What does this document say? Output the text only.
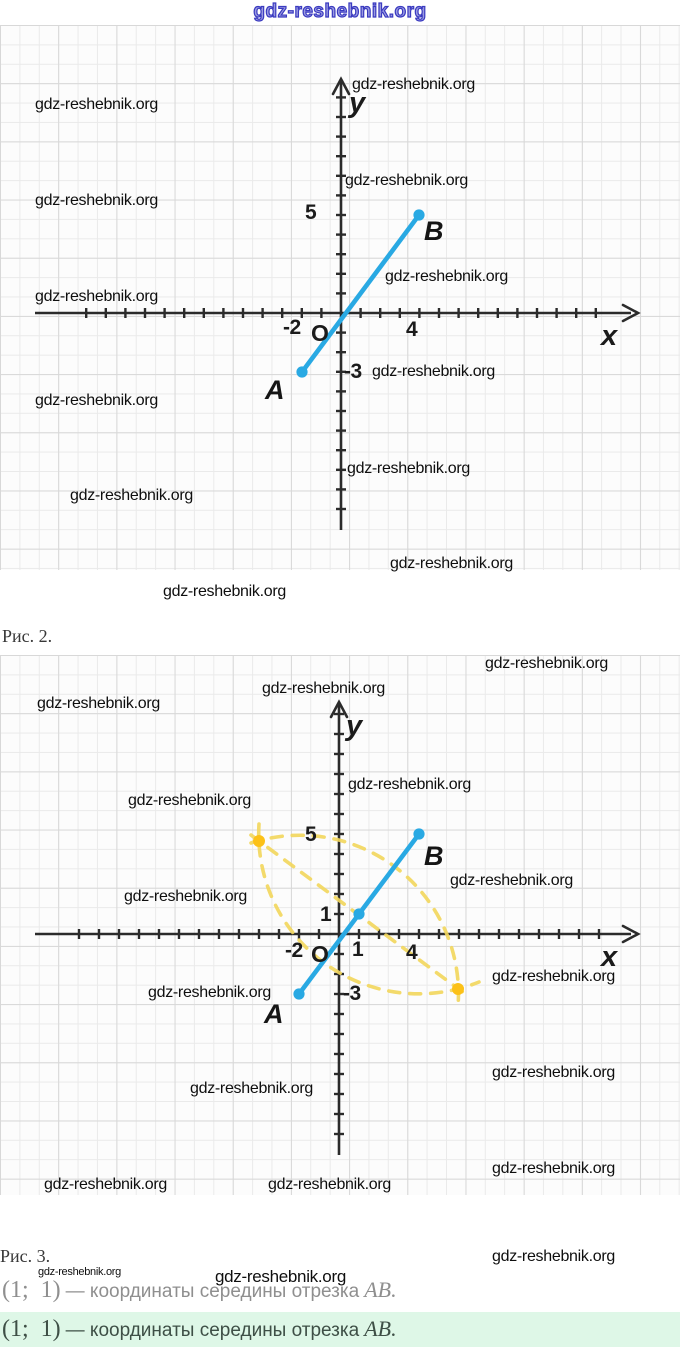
gdz-reshebnik.org
gdz-reshebnik.org
gdz-reshebnik.org
gdz-reshebnik.org
gdz-reshebnik.org
gdz-reshebnik.org
gdz-reshebnik.org
gdz-reshebnik.org
gdz-reshebnik.org
gdz-reshebnik.org
gdz-reshebnik.org
gdz-reshebnik.org
y
x
O
5
-2	4
-3
B
A
gdz-reshebnik.org
Рис. 2.
gdz-reshebnik.org
gdz-reshebnik.org
gdz-reshebnik.org
gdz-reshebnik.org
gdz-reshebnik.org
gdz-reshebnik.org
gdz-reshebnik.org
gdz-reshebnik.org
gdz-reshebnik.org
gdz-reshebnik.org
gdz-reshebnik.org
gdz-reshebnik.org	gdz-reshebnik.org
gdz-reshebnik.org
y
x
O
5
1
-2 1 4
-3
B
A
Рис. 3.	gdz-reshebnik.org
gdz-reshebnik.org	gdz-reshebnik.org
(1;  1) — координаты середины отрезка AB.
(1;  1) — координаты середины отрезка AB.
